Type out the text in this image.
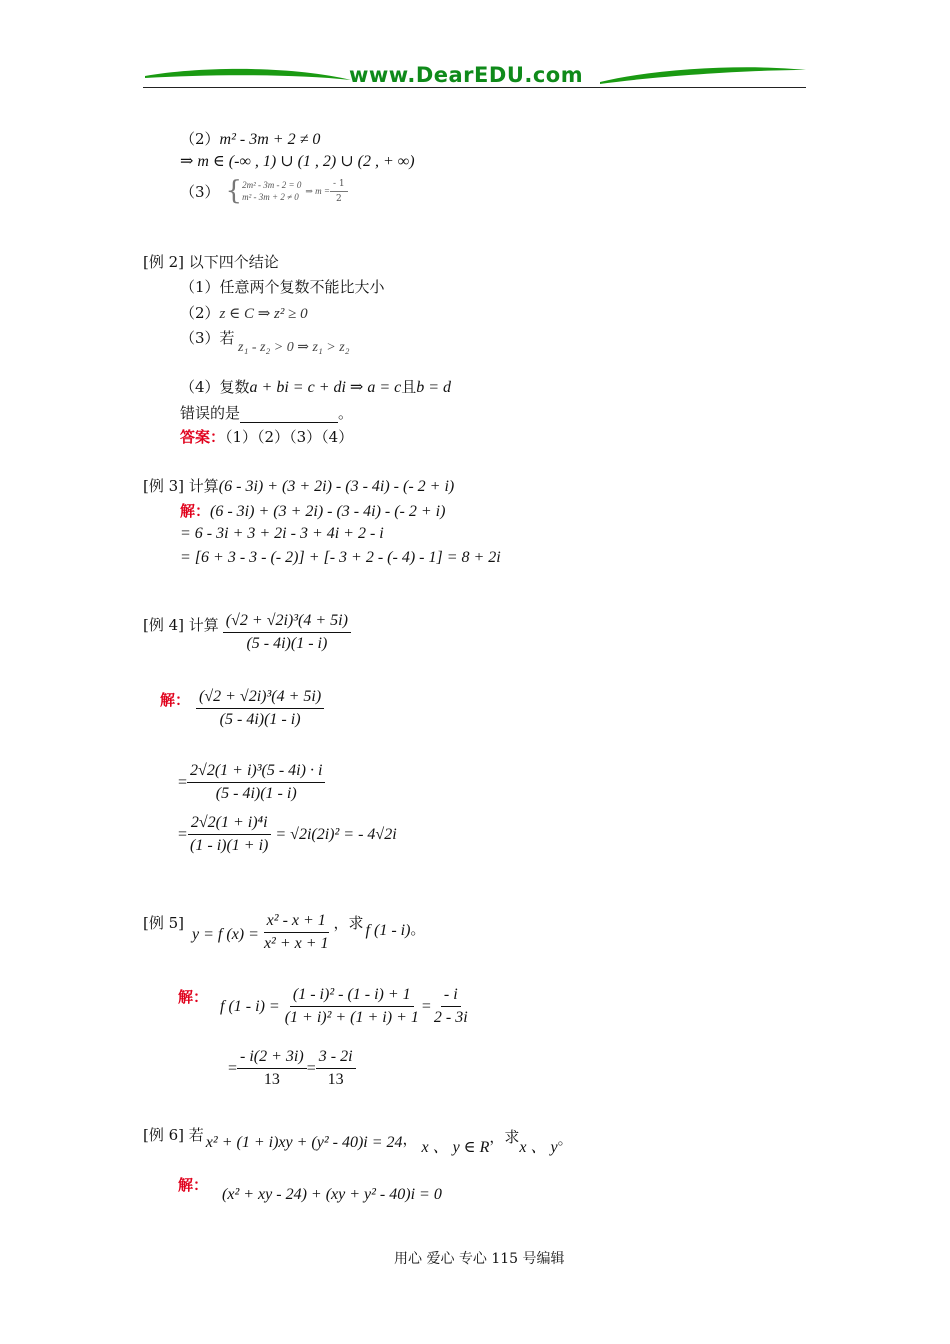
www.DearEDU.com
（2）m² - 3m + 2 ≠ 0
⇒ m ∈ (-∞ , 1) ∪ (1 , 2) ∪ (2 , + ∞)
（3） { 2m² - 3m - 2 = 0
m² - 3m + 2 ≠ 0
⇒ $m = \frac{- 1}{2}$
[例 2] 以下四个结论
（1）任意两个复数不能比大小
（2）z ∈ C ⇒ z² ≥ 0
（3）若
z₁ - z₂ > 0 ⇒ z₁ > z₂
（4）复数a + bi = c + di ⇒ a = c且b = d
错误的是	。
答案：（1）（2）（3）（4）
[例 3] 计算(6 - 3i) + (3 + 2i) - (3 - 4i) - (- 2 + i)
解：(6 - 3i) + (3 + 2i) - (3 - 4i) - (- 2 + i)
= 6 - 3i + 3 + 2i - 3 + 4i + 2 - i
= [6 + 3 - 3 - (- 2)] + [- 3 + 2 - (- 4) - 1] = 8 + 2i
[例 4] 计算 $\frac{\text{(√2 + √2i)³(4 + 5i)}}{(5 - 4i)(1 - i)}$
解： $\frac{\text{(√2 + √2i)³(4 + 5i)}}{(5 - 4i)(1 - i)}$
= $\frac{\text{2√2(1 + i)³(5 - 4i) · i}}{(5 - 4i)(1 - i)}$
= $\frac{\text{2√2(1 + i)⁴i}}{(1 - i)(1 + i)} = √2i(2i)^2$ = - 4√2i
[例 5]
y = f $(x) = \frac{\text{x² - x + 1}}{\text{x² + x + 1}}$ ，求 f (1 - i) 。
解：
f $(1 - i) = \frac{\text{(1 - i)² - (1 - i) + 1}}{\text{(1 + i)² + (1 + i) + 1}} = \frac{- i}{2 - 3i}$
= $\frac{- i(2 + 3i)}{13} = \frac{3 - 2i}{13}$
[例 6] 若 x² + (1 + i)xy + (y² - 40)i = 24 ， x 、 y ∈ R
，求
x 、 y 。
解：
(x² + xy - 24) + (xy + y² - 40)i = 0
用心 爱心 专心 115 号编辑
